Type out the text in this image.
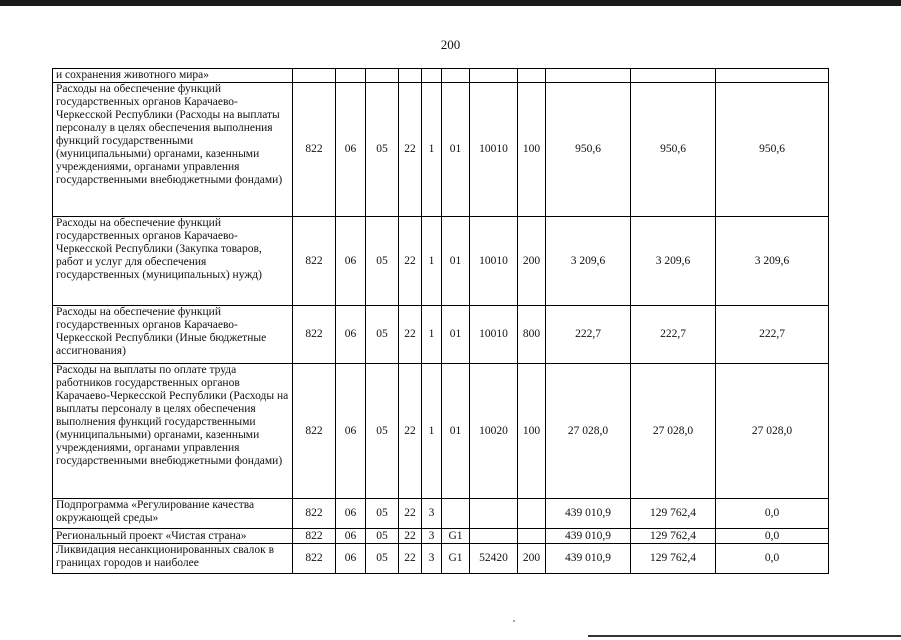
200
и сохранения животного мира»											
Расходы на обеспечение функций государственных органов Карачаево-Черкесской Республики (Расходы на выплаты персоналу в целях обеспечения выполнения функций государственными (муниципальными) органами, казенными учреждениями, органами управления государственными внебюджетными фондами)	822	06	05	22	1	01	10010	100	950,6	950,6	950,6
Расходы на обеспечение функций государственных органов Карачаево-Черкесской Республики (Закупка товаров, работ и услуг для обеспечения государственных (муниципальных) нужд)	822	06	05	22	1	01	10010	200	3 209,6	3 209,6	3 209,6
Расходы на обеспечение функций государственных органов Карачаево-Черкесской Республики (Иные бюджетные ассигнования)	822	06	05	22	1	01	10010	800	222,7	222,7	222,7
Расходы на выплаты по оплате труда работников государственных органов Карачаево-Черкесской Республики (Расходы на выплаты персоналу в целях обеспечения выполнения функций государственными (муниципальными) органами, казенными учреждениями, органами управления государственными внебюджетными фондами)	822	06	05	22	1	01	10020	100	27 028,0	27 028,0	27 028,0
Подпрограмма «Регулирование качества окружающей среды»	822	06	05	22	3				439 010,9	129 762,4	0,0
Региональный проект «Чистая страна»	822	06	05	22	3	G1			439 010,9	129 762,4	0,0
Ликвидация несанкционированных свалок в границах городов и наиболее	822	06	05	22	3	G1	52420	200	439 010,9	129 762,4	0,0
